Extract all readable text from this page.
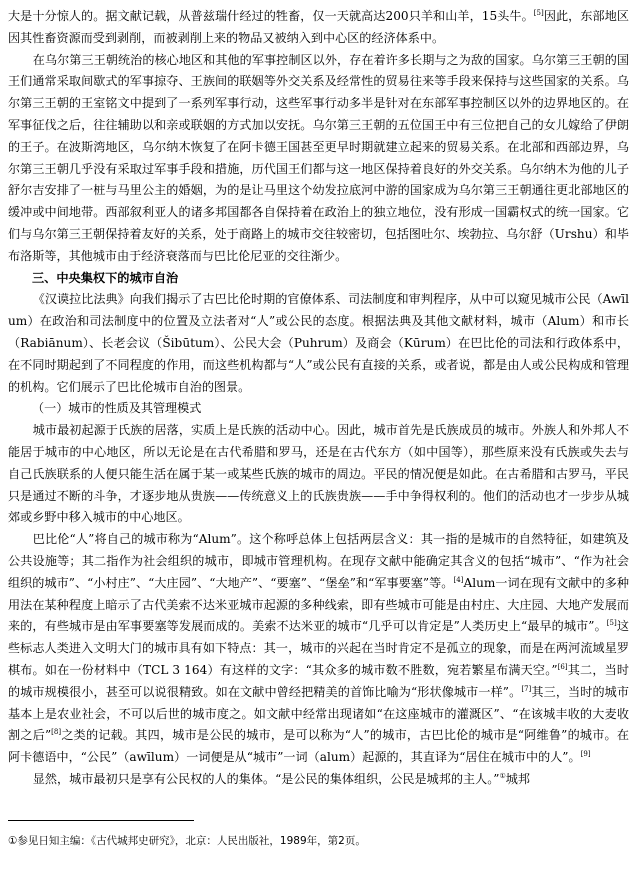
大是十分惊人的。据文献记载，从普兹瑞什经过的牲畜，仅一天就高达200只羊和山羊，15头牛。[5]因此，东部地区因其性畜资源而受到剥削，而被剥削上来的物品又被纳入到中心区的经济体系中。

在乌尔第三王朝统治的核心地区和其他的军事控制区以外，存在着许多长期与之为敌的国家。乌尔第三王朝的国王们通常采取间歇式的军事掠夺、王族间的联姻等外交关系及经常性的贸易往来等手段来保持与这些国家的关系。乌尔第三王朝的王室铭文中提到了一系列军事行动，这些军事行动多半是针对在东部军事控制区以外的边界地区的。在军事征伐之后，往往辅助以和亲或联姻的方式加以安抚。乌尔第三王朝的五位国王中有三位把自己的女儿嫁给了伊朗的王子。在波斯湾地区，乌尔纳木恢复了在阿卡德王国甚至更早时期就建立起来的贸易关系。在北部和西部边界，乌尔第三王朝几乎没有采取过军事手段和措施，历代国王们都与这一地区保持着良好的外交关系。乌尔纳木为他的儿子舒尔吉安排了一桩与马里公主的婚姻，为的是让马里这个幼发拉底河中游的国家成为乌尔第三王朝通往更北部地区的缓冲或中间地带。西部叙利亚人的诸多邦国都各自保持着在政治上的独立地位，没有形成一国霸权式的统一国家。它们与乌尔第三王朝保持着友好的关系，处于商路上的城市交往较密切，包括图吐尔、埃勃拉、乌尔舒（Urshu）和毕布洛斯等，其他城市由于经济衰落而与巴比伦尼亚的交往渐少。

三、中央集权下的城市自治

《汉谟拉比法典》向我们揭示了古巴比伦时期的官僚体系、司法制度和审判程序，从中可以窥见城市公民（Awīlum）在政治和司法制度中的位置及立法者对“人”或公民的态度。根据法典及其他文献材料，城市（Alum）和市长（Rabiānum）、长老会议（Šibūtum）、公民大会（Puhrum）及商会（Kūrum）在巴比伦的司法和行政体系中，在不同时期起到了不同程度的作用，而这些机构都与“人”或公民有直接的关系，或者说，都是由人或公民构成和管理的机构。它们展示了巴比伦城市自治的图景。

（一）城市的性质及其管理模式

城市最初起源于氏族的居落，实质上是氏族的活动中心。因此，城市首先是氏族成员的城市。外族人和外邦人不能居于城市的中心地区，所以无论是在古代希腊和罗马，还是在古代东方（如中国等），那些原来没有氏族或失去与自己氏族联系的人便只能生活在属于某一或某些氏族的城市的周边。平民的情况便是如此。在古希腊和古罗马，平民只是通过不断的斗争，才逐步地从贵族——传统意义上的氏族贵族——手中争得权利的。他们的活动也才一步步从城郊或乡野中移入城市的中心地区。

巴比伦“人”将自己的城市称为“Alum”。这个称呼总体上包括两层含义：其一指的是城市的自然特征，如建筑及公共设施等；其二指作为社会组织的城市，即城市管理机构。在现存文献中能确定其含义的包括“城市”、“作为社会组织的城市”、“小村庄”、“大庄园”、“大地产”、“要塞”、“堡垒”和“军事要塞”等。[4]Alum一词在现有文献中的多种用法在某种程度上暗示了古代美索不达米亚城市起源的多种线索，即有些城市可能是由村庄、大庄园、大地产发展而来的，有些城市是由军事要塞等发展而成的。美索不达米亚的城市“几乎可以肯定是”人类历史上“最早的城市”。[5]这些标志人类进入文明大门的城市具有如下特点：其一，城市的兴起在当时肯定不是孤立的现象，而是在两河流域星罗棋布。如在一份材料中（TCL 3 164）有这样的文字：“其众多的城市数不胜数，宛若繁星布满天空。”[6]其二，当时的城市规模很小，甚至可以说很精致。如在文献中曾经把精美的首饰比喻为“形状像城市一样”。[7]其三，当时的城市基本上是农业社会，不可以后世的城市度之。如文献中经常出现诸如“在这座城市的灌溉区”、“在该城丰收的大麦收割之后”[8]之类的记载。其四，城市是公民的城市，是可以称为“人”的城市，古巴比伦的城市是“阿维鲁”的城市。在阿卡德语中，“公民”（awīlum）一词便是从“城市”一词（alum）起源的，其直译为“居住在城市中的人”。[9]

显然，城市最初只是享有公民权的人的集体。“是公民的集体组织，公民是城邦的主人。”①城邦

①参见日知主编：《古代城邦史研究》，北京：人民出版社，1989年，第2页。
